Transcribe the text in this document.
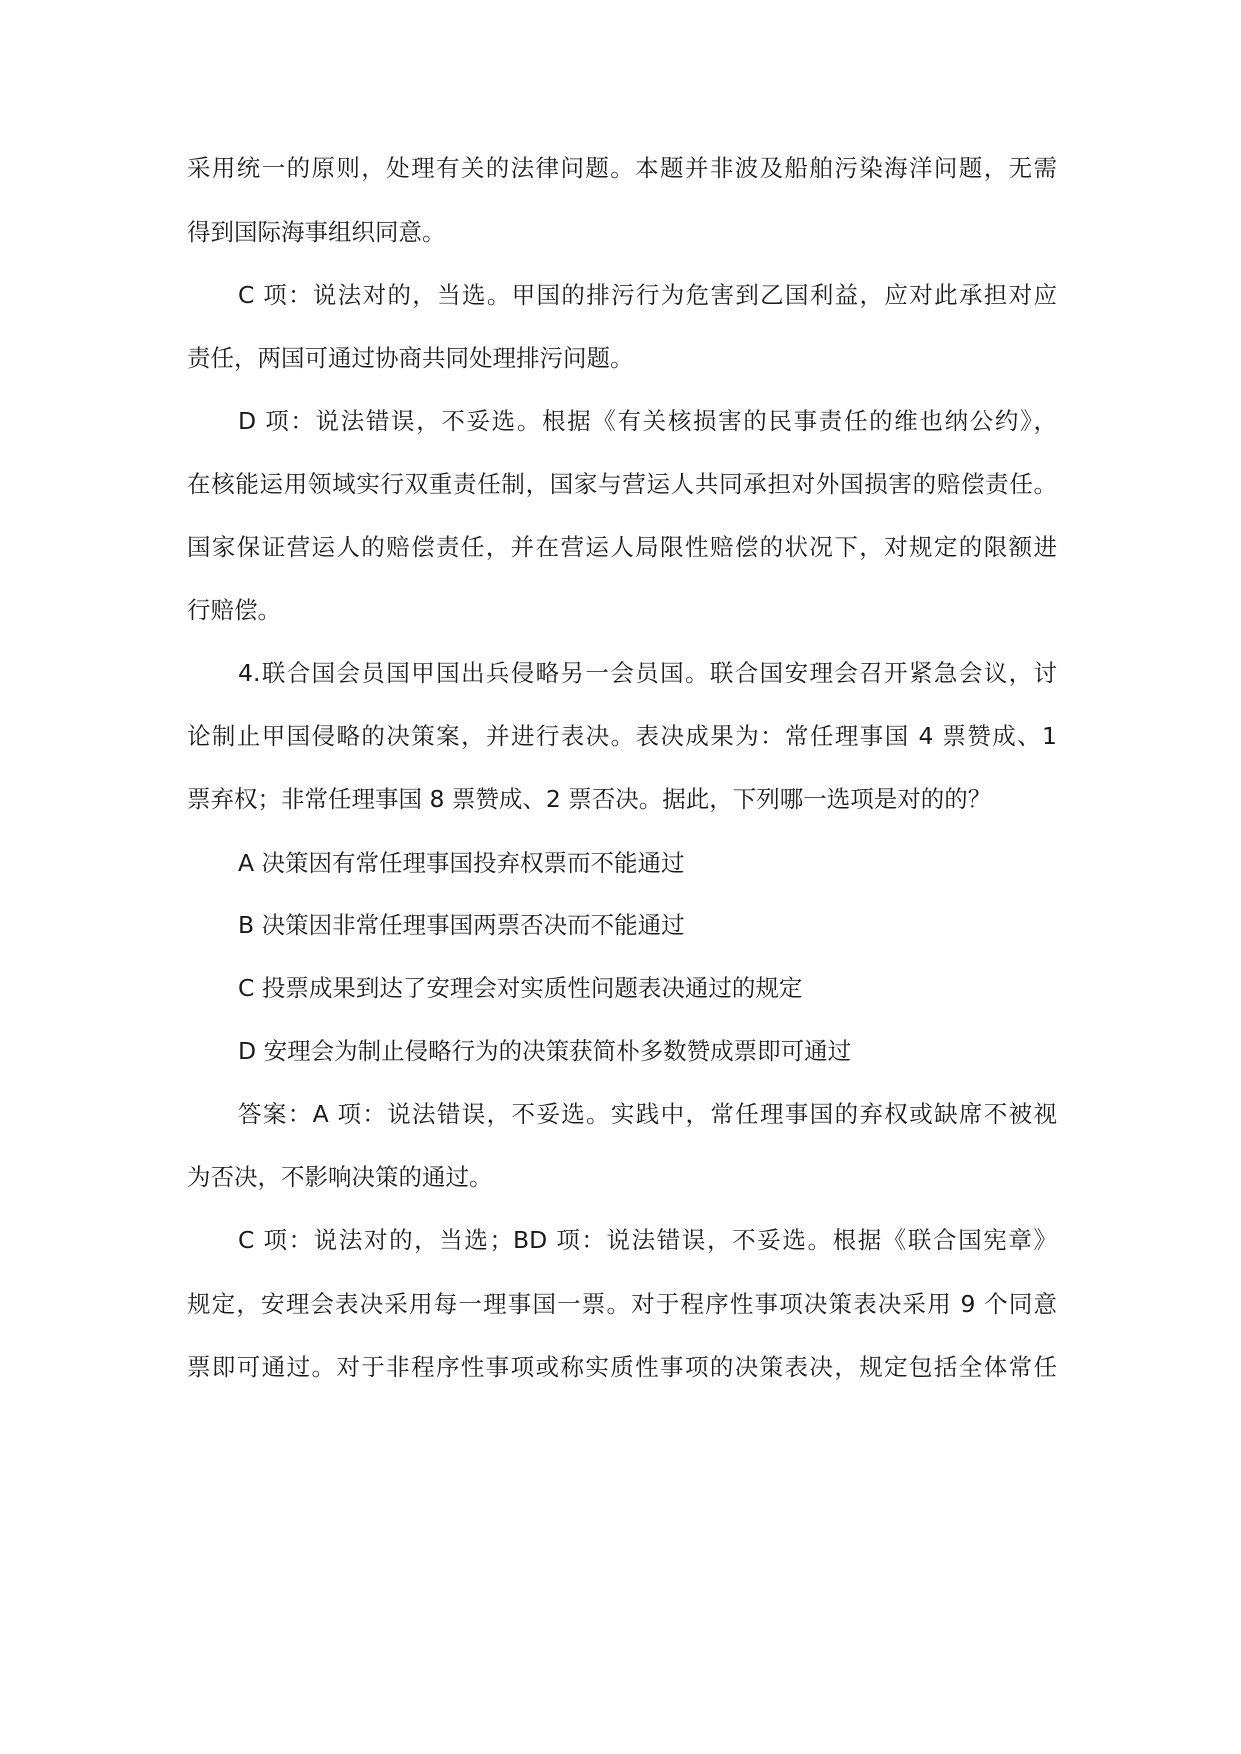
采用统一的原则，处理有关的法律问题。本题并非波及船舶污染海洋问题，无需
得到国际海事组织同意。
C 项：说法对的，当选。甲国的排污行为危害到乙国利益，应对此承担对应
责任，两国可通过协商共同处理排污问题。
D 项：说法错误，不妥选。根据《有关核损害的民事责任的维也纳公约》，
在核能运用领域实行双重责任制，国家与营运人共同承担对外国损害的赔偿责任。
国家保证营运人的赔偿责任，并在营运人局限性赔偿的状况下，对规定的限额进
行赔偿。
4.联合国会员国甲国出兵侵略另一会员国。联合国安理会召开紧急会议，讨
论制止甲国侵略的决策案，并进行表决。表决成果为：常任理事国 4 票赞成、1
票弃权；非常任理事国 8 票赞成、2 票否决。据此，下列哪一选项是对的的？
A 决策因有常任理事国投弃权票而不能通过
B 决策因非常任理事国两票否决而不能通过
C 投票成果到达了安理会对实质性问题表决通过的规定
D 安理会为制止侵略行为的决策获简朴多数赞成票即可通过
答案：A 项：说法错误，不妥选。实践中，常任理事国的弃权或缺席不被视
为否决，不影响决策的通过。
C 项：说法对的，当选；BD 项：说法错误，不妥选。根据《联合国宪章》
规定，安理会表决采用每一理事国一票。对于程序性事项决策表决采用 9 个同意
票即可通过。对于非程序性事项或称实质性事项的决策表决，规定包括全体常任
